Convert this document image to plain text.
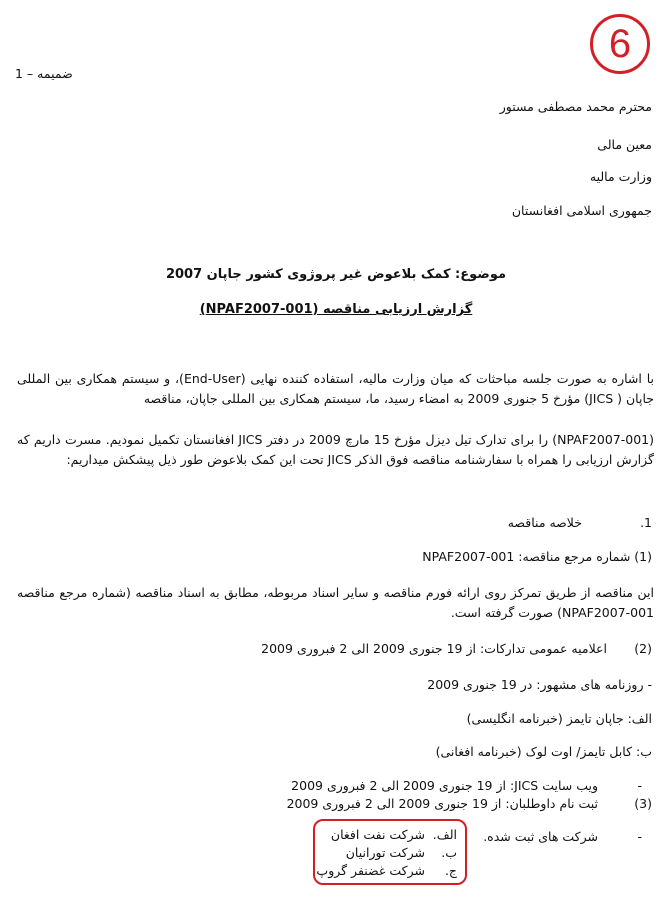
6
ضمیمه – 1
محترم محمد مصطفی مستور
معین مالی
وزارت مالیه
جمهوری اسلامی افغانستان
موضوع: کمک بلاعوض غیر پروژوی کشور جاپان 2007
گزارش ارزیابی مناقصه (NPAF2007-001)
با اشاره به صورت جلسه مباحثات که میان وزارت مالیه، استفاده کننده نهایی (End-User)، و سیستم همکاری بین المللی جاپان ( JICS) مؤرخ 5 جنوری 2009 به امضاء رسید، ما، سیستم همکاری بین المللی جاپان، مناقصه
(NPAF2007-001) را برای تدارک تیل دیزل مؤرخ 15 مارچ 2009 در دفتر JICS افغانستان تکمیل نمودیم. مسرت داریم که گزارش ارزیابی را همراه با سفارشنامه مناقصه فوق الذکر JICS تحت این کمک بلاعوض طور ذیل پیشکش میداریم:
1.
خلاصه مناقصه
(1) شماره مرجع مناقصه: NPAF2007-001
این مناقصه از طریق تمرکز روی ارائه فورم مناقصه و سایر اسناد مربوطه، مطابق به اسناد مناقصه (شماره مرجع مناقصه NPAF2007-001) صورت گرفته است.
(2)
اعلامیه عمومی تدارکات: از 19 جنوری 2009 الی 2 فبروری 2009
- روزنامه های مشهور: در 19 جنوری 2009
الف: جاپان تایمز (خبرنامه انگلیسی)
ب: کابل تایمز/ اوت لوک (خبرنامه افغانی)
-
ویب سایت JICS: از 19 جنوری 2009 الی 2 فبروری 2009
(3)
ثبت نام داوطلبان: از 19 جنوری 2009 الی 2 فبروری 2009
-
شرکت های ثبت شده.
الف.
شرکت نفت افغان
ب.
شرکت تورانیان
ج.
شرکت غضنفر گروپ
